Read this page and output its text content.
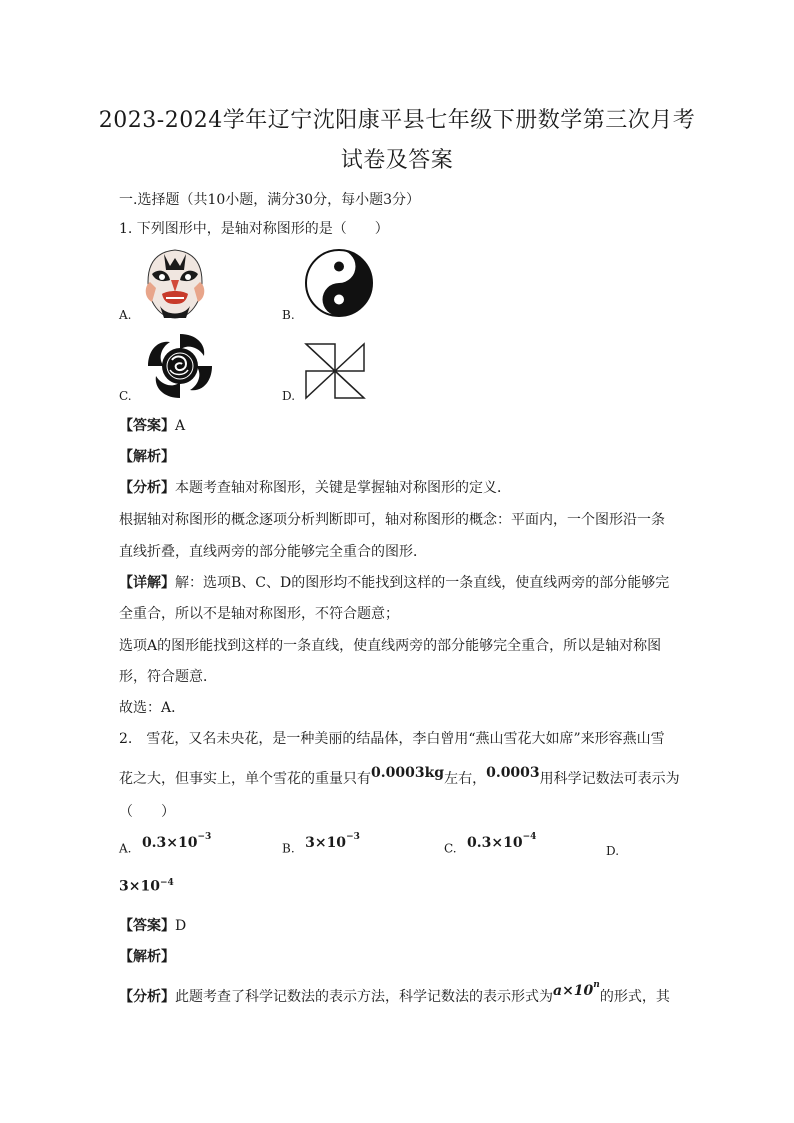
2023-2024学年辽宁沈阳康平县七年级下册数学第三次月考
试卷及答案
一.选择题（共10小题，满分30分，每小题3分）
1. 下列图形中，是轴对称图形的是（　　）
A.	B.
C.	D.
【答案】A
【解析】
【分析】本题考查轴对称图形，关键是掌握轴对称图形的定义．
根据轴对称图形的概念逐项分析判断即可，轴对称图形的概念：平面内，一个图形沿一条
直线折叠，直线两旁的部分能够完全重合的图形．
【详解】解：选项B、C、D的图形均不能找到这样的一条直线，使直线两旁的部分能够完
全重合，所以不是轴对称图形，不符合题意；
选项A的图形能找到这样的一条直线，使直线两旁的部分能够完全重合，所以是轴对称图
形，符合题意．
故选：A．
2.　雪花，又名未央花，是一种美丽的结晶体，李白曾用“燕山雪花大如席”来形容燕山雪
花之大，但事实上，单个雪花的重量只有0.0003kg左右，0.0003用科学记数法可表示为
（　　）
A. $0.3\times 10^{-3}$
B. $3\times 10^{-3}$
C. $0.3\times 10^{-4}$
D.
$3\times 10^{-4}$
【答案】D
【解析】
【分析】此题考查了科学记数法的表示方法，科学记数法的表示形式为$a\times 10^n$的形式，其
